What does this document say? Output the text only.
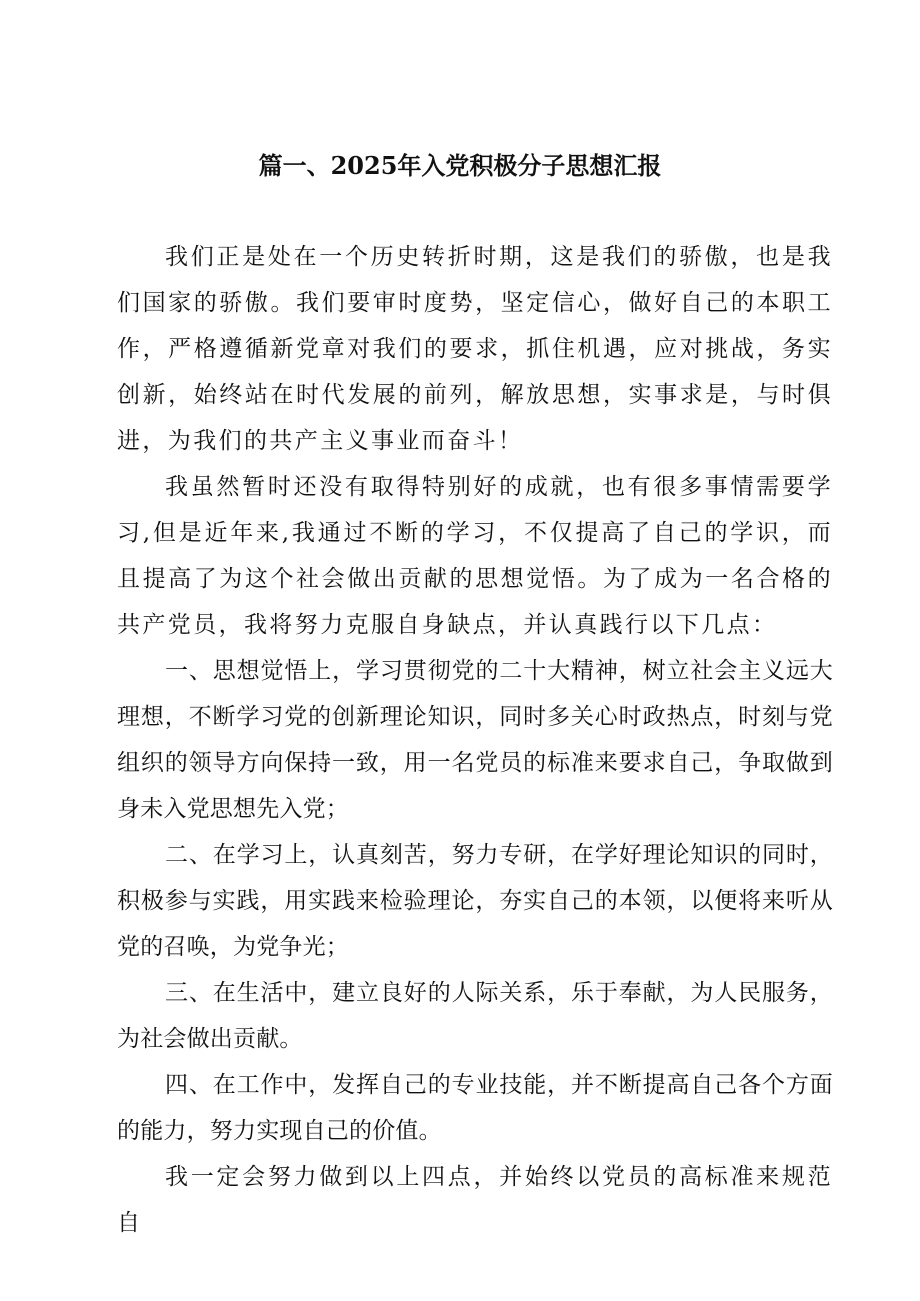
篇一、2025年入党积极分子思想汇报

我们正是处在一个历史转折时期，这是我们的骄傲，也是我们国家的骄傲。我们要审时度势，坚定信心，做好自己的本职工作，严格遵循新党章对我们的要求，抓住机遇，应对挑战，务实创新，始终站在时代发展的前列，解放思想，实事求是，与时俱进，为我们的共产主义事业而奋斗！

我虽然暂时还没有取得特别好的成就，也有很多事情需要学习,但是近年来,我通过不断的学习，不仅提高了自己的学识，而且提高了为这个社会做出贡献的思想觉悟。为了成为一名合格的共产党员，我将努力克服自身缺点，并认真践行以下几点：

一、思想觉悟上，学习贯彻党的二十大精神，树立社会主义远大理想，不断学习党的创新理论知识，同时多关心时政热点，时刻与党组织的领导方向保持一致，用一名党员的标准来要求自己，争取做到身未入党思想先入党；

二、在学习上，认真刻苦，努力专研，在学好理论知识的同时，积极参与实践，用实践来检验理论，夯实自己的本领，以便将来听从党的召唤，为党争光；

三、在生活中，建立良好的人际关系，乐于奉献，为人民服务，为社会做出贡献。

四、在工作中，发挥自己的专业技能，并不断提高自己各个方面的能力，努力实现自己的价值。

我一定会努力做到以上四点，并始终以党员的高标准来规范自
